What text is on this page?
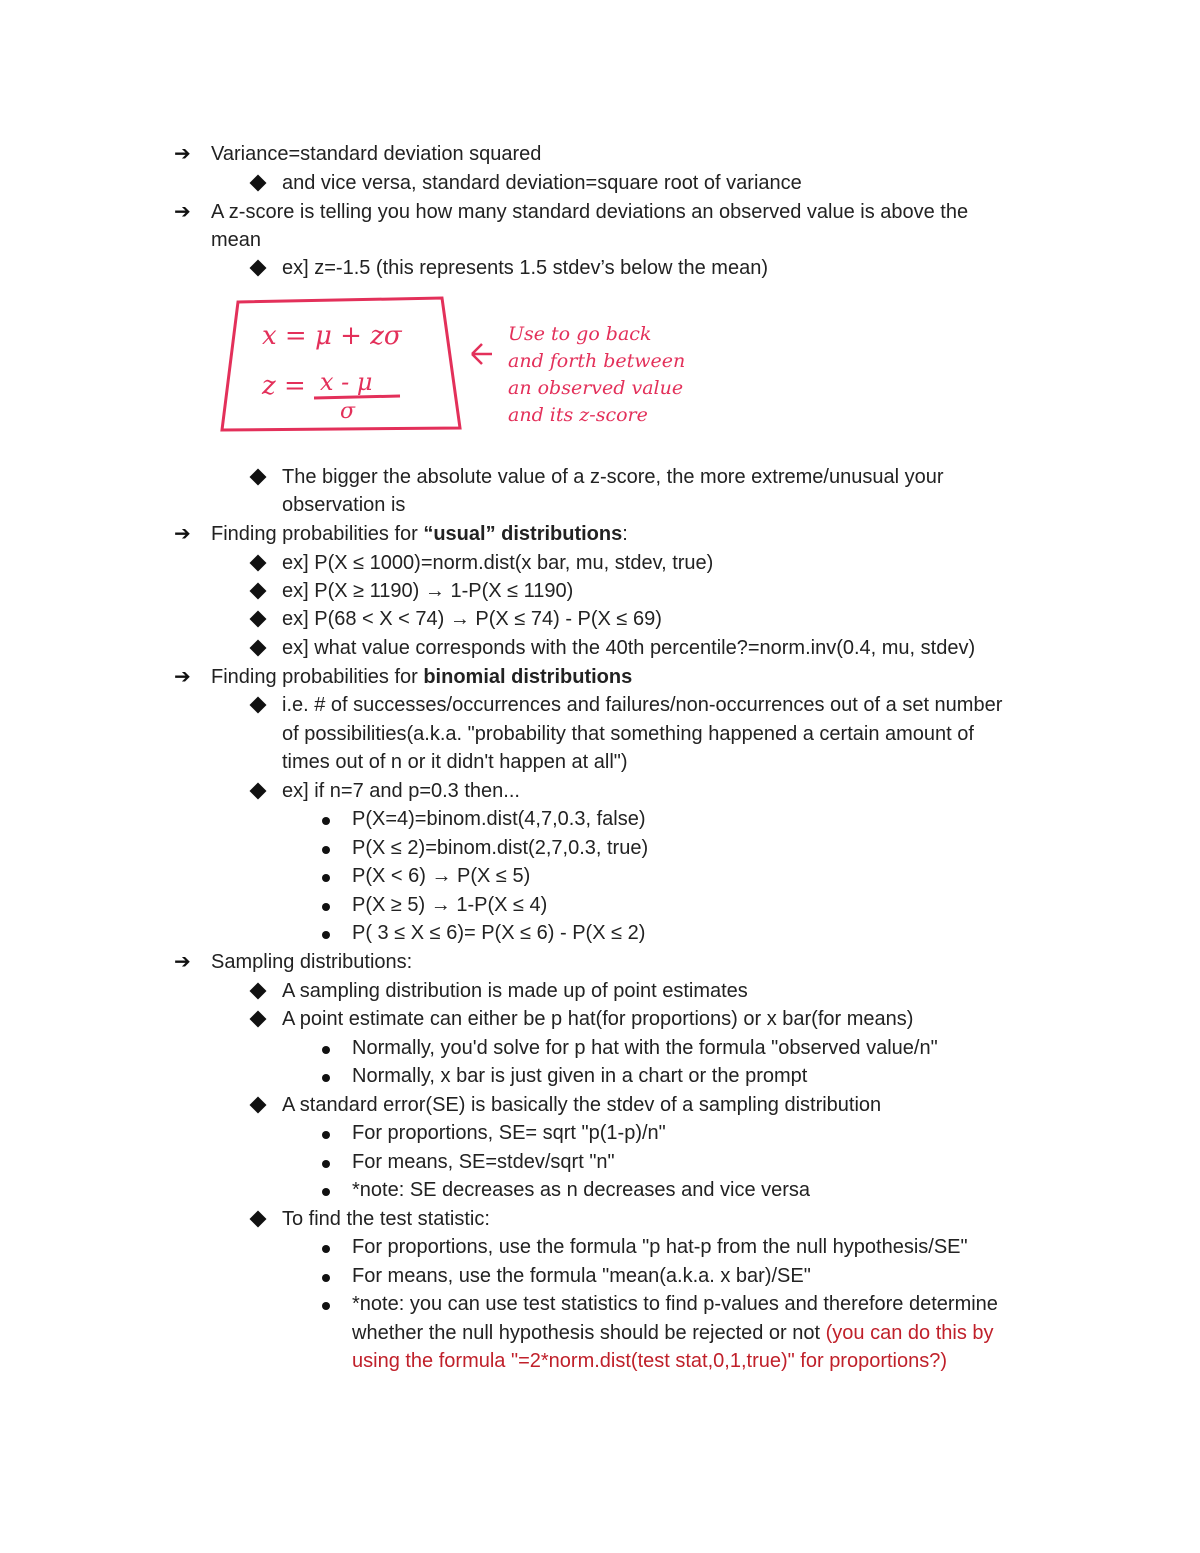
➔	Variance=standard deviation squared
and vice versa, standard deviation=square root of variance
➔	A z-score is telling you how many standard deviations an observed value is above the
mean
ex] z=-1.5 (this represents 1.5 stdev’s below the mean)
The bigger the absolute value of a z-score, the more extreme/unusual your
observation is
➔	Finding probabilities for “usual” distributions:
ex] P(X ≤ 1000)=norm.dist(x bar, mu, stdev, true)
ex] P(X ≥ 1190) → 1-P(X ≤ 1190)
ex] P(68 < X < 74) → P(X ≤ 74) - P(X ≤ 69)
ex] what value corresponds with the 40th percentile?=norm.inv(0.4, mu, stdev)
➔	Finding probabilities for binomial distributions
i.e. # of successes/occurrences and failures/non-occurrences out of a set number
of possibilities(a.k.a. "probability that something happened a certain amount of
times out of n or it didn't happen at all")
ex] if n=7 and p=0.3 then...
P(X=4)=binom.dist(4,7,0.3, false)
P(X ≤ 2)=binom.dist(2,7,0.3, true)
P(X < 6) → P(X ≤ 5)
P(X ≥ 5) → 1-P(X ≤ 4)
P( 3 ≤ X ≤ 6)= P(X ≤ 6) - P(X ≤ 2)
➔	Sampling distributions:
A sampling distribution is made up of point estimates
A point estimate can either be p hat(for proportions) or x bar(for means)
Normally, you'd solve for p hat with the formula "observed value/n"
Normally, x bar is just given in a chart or the prompt
A standard error(SE) is basically the stdev of a sampling distribution
For proportions, SE= sqrt "p(1-p)/n"
For means, SE=stdev/sqrt "n"
*note: SE decreases as n decreases and vice versa
To find the test statistic:
For proportions, use the formula "p hat-p from the null hypothesis/SE"
For means, use the formula "mean(a.k.a. x bar)/SE"
*note: you can use test statistics to find p-values and therefore determine
whether the null hypothesis should be rejected or not (you can do this by
using the formula "=2*norm.dist(test stat,0,1,true)" for proportions?)
x = μ + zσ
z = x - μ
σ
Use to go back
and forth between
an observed value
and its z-score
